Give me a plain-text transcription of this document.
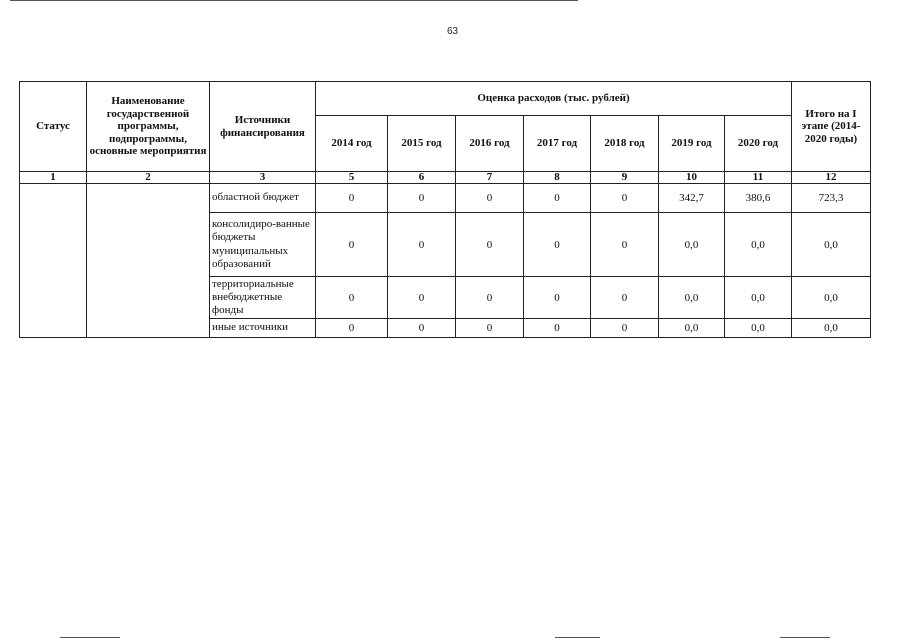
63
Статус	Наименование государственной программы, подпрограммы, основные мероприятия	Источники финансирования	Оценка расходов (тыс. рублей)							Итого на I этапе (2014-2020 годы)
			2014 год	2015 год	2016 год	2017 год	2018 год	2019 год	2020 год	
1	2	3	5	6	7	8	9	10	11	12
		областной бюджет	0	0	0	0	0	342,7	380,6	723,3
		консолидиро-ванные бюджеты муниципальных образований	0	0	0	0	0	0,0	0,0	0,0
		территориальные внебюджетные фонды	0	0	0	0	0	0,0	0,0	0,0
		иные источники	0	0	0	0	0	0,0	0,0	0,0
